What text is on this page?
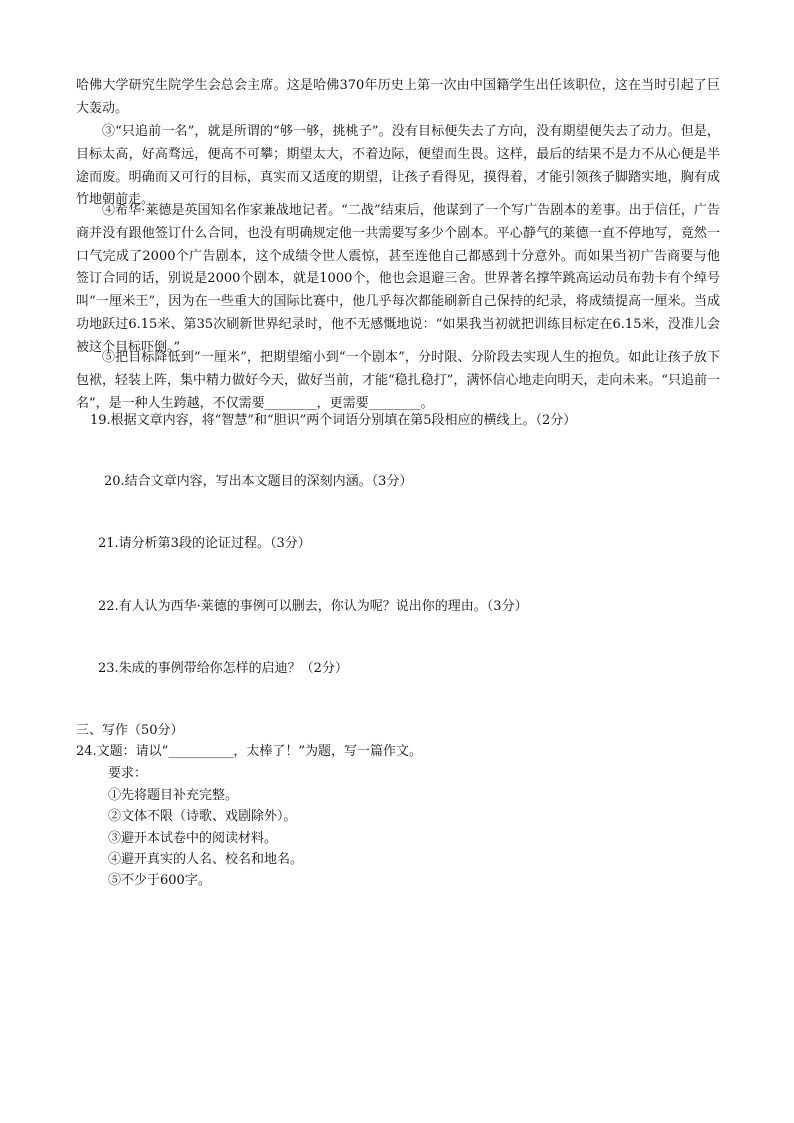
哈佛大学研究生院学生会总会主席。这是哈佛370年历史上第一次由中国籍学生出任该职位，这在当时引起了巨大轰动。

③“只追前一名”，就是所谓的“够一够，挑桃子”。没有目标便失去了方向，没有期望便失去了动力。但是，目标太高，好高骛远，便高不可攀；期望太大，不着边际，便望而生畏。这样，最后的结果不是力不从心便是半途而废。明确而又可行的目标，真实而又适度的期望，让孩子看得见，摸得着，才能引领孩子脚踏实地，胸有成竹地朝前走。

④希华·莱德是英国知名作家兼战地记者。“二战”结束后，他谋到了一个写广告剧本的差事。出于信任，广告商并没有跟他签订什么合同，也没有明确规定他一共需要写多少个剧本。平心静气的莱德一直不停地写，竟然一口气完成了2000个广告剧本，这个成绩令世人震惊，甚至连他自己都感到十分意外。而如果当初广告商要与他签订合同的话，别说是2000个剧本，就是1000个，他也会退避三舍。世界著名撑竿跳高运动员布勃卡有个绰号叫“一厘米王”，因为在一些重大的国际比赛中，他几乎每次都能刷新自己保持的纪录，将成绩提高一厘米。当成功地跃过6.15米、第35次刷新世界纪录时，他不无感慨地说：“如果我当初就把训练目标定在6.15米，没准儿会被这个目标吓倒。”

⑤把目标降低到“一厘米”，把期望缩小到“一个剧本”，分时限、分阶段去实现人生的抱负。如此让孩子放下包袱，轻装上阵，集中精力做好今天，做好当前，才能“稳扎稳打”，满怀信心地走向明天，走向未来。“只追前一名”，是一种人生跨越，不仅需要________，更需要________。

19.根据文章内容，将“智慧”和“胆识”两个词语分别填在第5段相应的横线上。（2分）

20.结合文章内容，写出本文题目的深刻内涵。（3分）

21.请分析第3段的论证过程。（3分）

22.有人认为西华·莱德的事例可以删去，你认为呢？说出你的理由。（3分）

23.朱成的事例带给你怎样的启迪？（2分）

三、写作（50分）

24.文题：请以“__________，太棒了！”为题，写一篇作文。

要求：

①先将题目补充完整。

②文体不限（诗歌、戏剧除外）。

③避开本试卷中的阅读材料。

④避开真实的人名、校名和地名。

⑤不少于600字。
